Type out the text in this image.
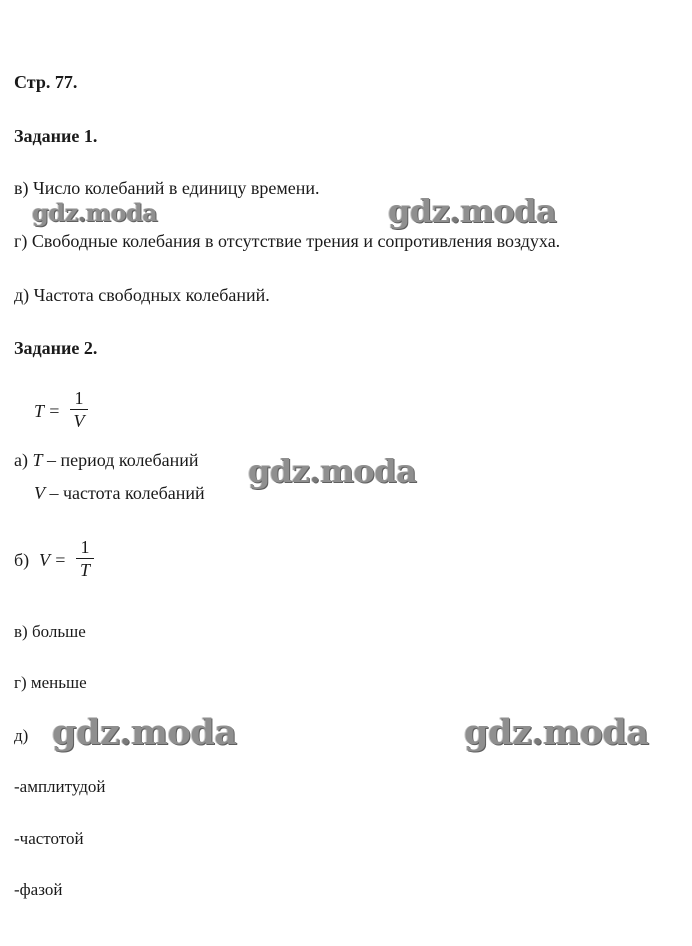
Стр. 77.
Задание 1.
в) Число колебаний в единицу времени.
г) Свободные колебания в отсутствие трения и сопротивления воздуха.
д) Частота свободных колебаний.
Задание 2.
T =
1
V
а) T – период колебаний
V – частота колебаний
б) V =
1
T
в) больше
г) меньше
д)
-амплитудой
-частотой
-фазой
gdz.moda	gdz.moda
gdz.moda
gdz.moda	gdz.moda
